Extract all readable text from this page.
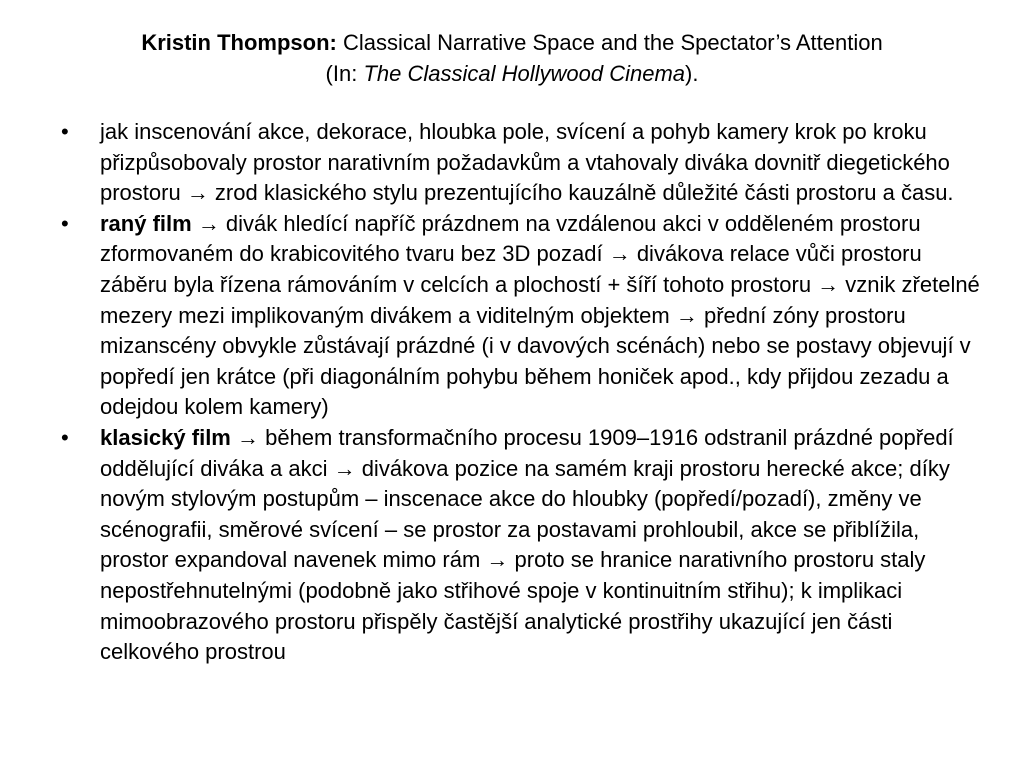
Kristin Thompson: Classical Narrative Space and the Spectator’s Attention
(In: The Classical Hollywood Cinema).
• jak inscenování akce, dekorace, hloubka pole, svícení a pohyb kamery krok po kroku přizpůsobovaly prostor narativním požadavkům a vtahovaly diváka dovnitř diegetického prostoru → zrod klasického stylu prezentujícího kauzálně důležité části prostoru a času.
• raný film → divák hledící napříč prázdnem na vzdálenou akci v odděleném prostoru zformovaném do krabicovitého tvaru bez 3D pozadí → divákova relace vůči prostoru záběru byla řízena rámováním v celcích a plochostí + šíří tohoto prostoru → vznik zřetelné mezery mezi implikovaným divákem a viditelným objektem → přední zóny prostoru mizanscény obvykle zůstávají prázdné (i v davových scénách) nebo se postavy objevují v popředí jen krátce (při diagonálním pohybu během honiček apod., kdy přijdou zezadu a odejdou kolem kamery)
• klasický film → během transformačního procesu 1909–1916 odstranil prázdné popředí oddělující diváka a akci → divákova pozice na samém kraji prostoru herecké akce; díky novým stylovým postupům – inscenace akce do hloubky (popředí/pozadí), změny ve scénografii, směrové svícení – se prostor za postavami prohloubil, akce se přiblížila, prostor expandoval navenek mimo rám → proto se hranice narativního prostoru staly nepostřehnutelnými (podobně jako střihové spoje v kontinuitním střihu); k implikaci mimoobrazového prostoru přispěly častější analytické prostřihy ukazující jen části celkového prostrou
